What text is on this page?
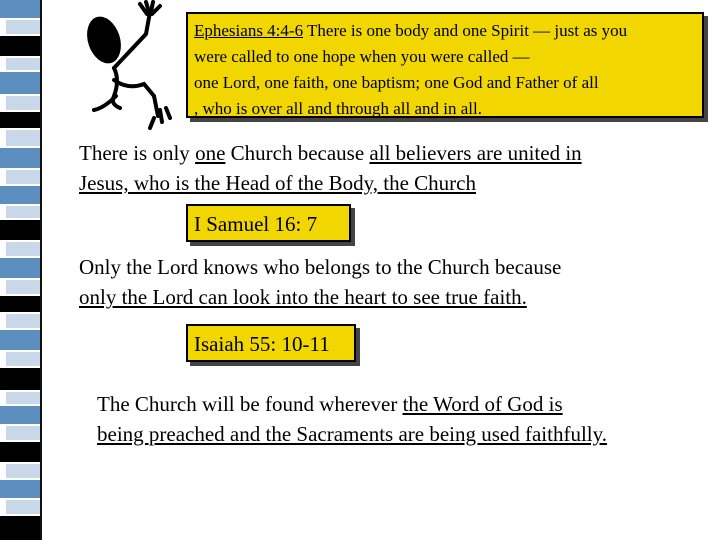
Ephesians 4:4-6 There is one body and one Spirit — just as you
were called to one hope when you were called —
one Lord, one faith, one baptism; one God and Father of all
, who is over all and through all and in all.
There is only one Church because all believers are united in
Jesus, who is the Head of the Body, the Church
I Samuel 16: 7
Only the Lord knows who belongs to the Church because
only the Lord can look into the heart to see true faith.
Isaiah 55: 10-11
The Church will be found wherever the Word of God is
being preached and the Sacraments are being used faithfully.
